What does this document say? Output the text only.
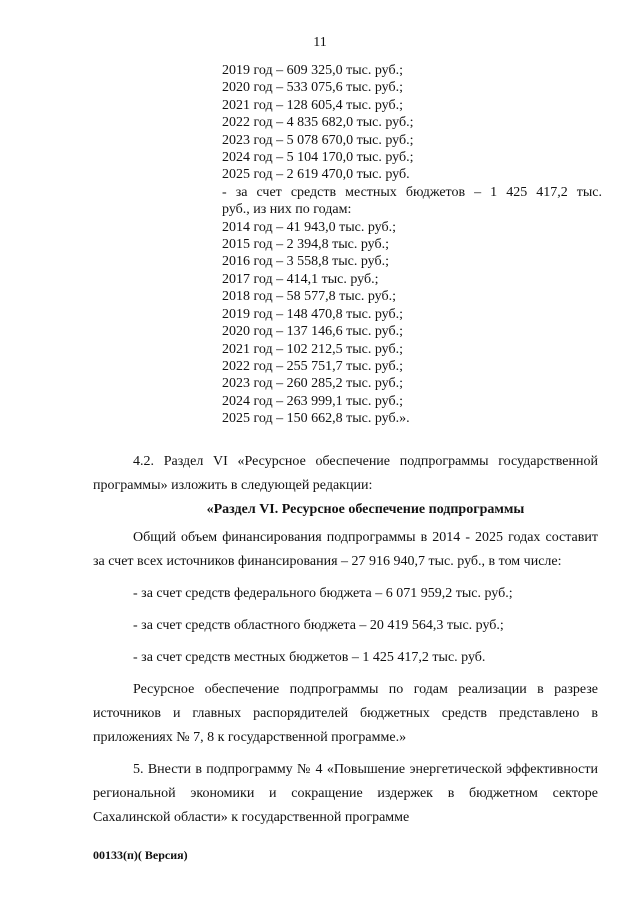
11
2019 год – 609 325,0 тыс. руб.;
2020 год – 533 075,6 тыс. руб.;
2021 год – 128 605,4 тыс. руб.;
2022 год – 4 835 682,0 тыс. руб.;
2023 год – 5 078 670,0 тыс. руб.;
2024 год – 5 104 170,0 тыс. руб.;
2025 год – 2 619 470,0 тыс. руб.
- за счет средств местных бюджетов – 1 425 417,2 тыс.
руб., из них по годам:
2014 год – 41 943,0 тыс. руб.;
2015 год – 2 394,8 тыс. руб.;
2016 год – 3 558,8 тыс. руб.;
2017 год – 414,1 тыс. руб.;
2018 год – 58 577,8 тыс. руб.;
2019 год – 148 470,8 тыс. руб.;
2020 год – 137 146,6 тыс. руб.;
2021 год – 102 212,5 тыс. руб.;
2022 год – 255 751,7 тыс. руб.;
2023 год – 260 285,2 тыс. руб.;
2024 год – 263 999,1 тыс. руб.;
2025 год – 150 662,8 тыс. руб.».

4.2. Раздел VI «Ресурсное обеспечение подпрограммы государственной программы» изложить в следующей редакции:

«Раздел VI. Ресурсное обеспечение подпрограммы

Общий объем финансирования подпрограммы в 2014 - 2025 годах составит за счет всех источников финансирования – 27 916 940,7 тыс. руб., в том числе:

- за счет средств федерального бюджета – 6 071 959,2 тыс. руб.;

- за счет средств областного бюджета – 20 419 564,3 тыс. руб.;

- за счет средств местных бюджетов – 1 425 417,2 тыс. руб.

Ресурсное обеспечение подпрограммы по годам реализации в разрезе источников и главных распорядителей бюджетных средств представлено в приложениях № 7, 8 к государственной программе.»

5. Внести в подпрограмму № 4 «Повышение энергетической эффективности региональной экономики и сокращение издержек в бюджетном секторе Сахалинской области» к государственной программе

00133(п)( Версия)
